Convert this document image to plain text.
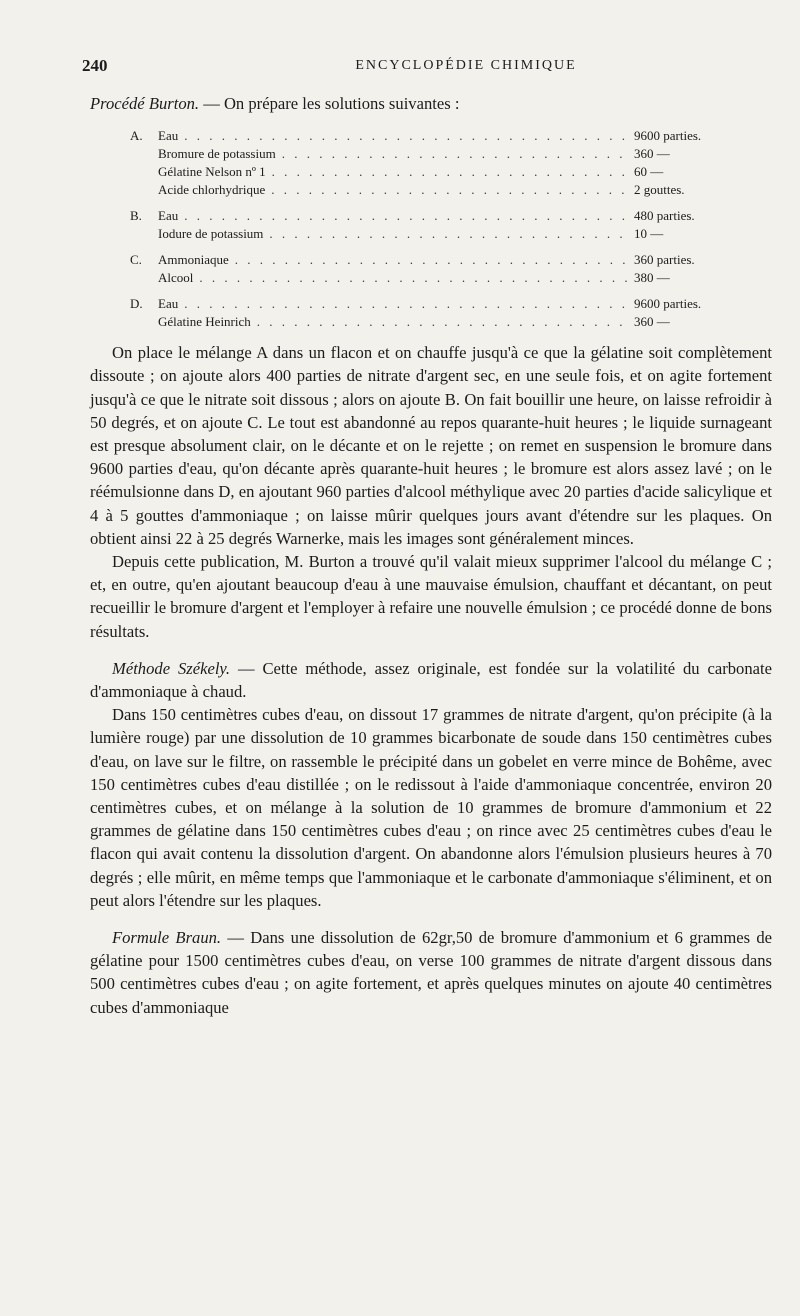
240	ENCYCLOPÉDIE CHIMIQUE

Procédé Burton. — On prépare les solutions suivantes :

A. Eau . . .	9600 parties.
Bromure de potassium . . .	360 —
Gélatine Nelson nº 1 . . .	60 —
Acide chlorhydrique . . .	2 gouttes.
B. Eau . . .	480 parties.
Iodure de potassium . . .	10 —
C. Ammoniaque . . .	360 parties.
Alcool . . .	380 —
D. Eau . . .	9600 parties.
Gélatine Heinrich . . .	360 —

On place le mélange A dans un flacon et on chauffe jusqu'à ce que la gélatine soit complètement dissoute ; on ajoute alors 400 parties de nitrate d'argent sec, en une seule fois, et on agite fortement jusqu'à ce que le nitrate soit dissous ; alors on ajoute B. On fait bouillir une heure, on laisse refroidir à 50 degrés, et on ajoute C. Le tout est abandonné au repos quarante-huit heures ; le liquide surnageant est presque absolument clair, on le décante et on le rejette ; on remet en suspension le bromure dans 9600 parties d'eau, qu'on décante après quarante-huit heures ; le bromure est alors assez lavé ; on le réémulsionne dans D, en ajoutant 960 parties d'alcool méthylique avec 20 parties d'acide salicylique et 4 à 5 gouttes d'ammoniaque ; on laisse mûrir quelques jours avant d'étendre sur les plaques. On obtient ainsi 22 à 25 degrés Warnerke, mais les images sont généralement minces.

Depuis cette publication, M. Burton a trouvé qu'il valait mieux supprimer l'alcool du mélange C ; et, en outre, qu'en ajoutant beaucoup d'eau à une mauvaise émulsion, chauffant et décantant, on peut recueillir le bromure d'argent et l'employer à refaire une nouvelle émulsion ; ce procédé donne de bons résultats.

Méthode Székely. — Cette méthode, assez originale, est fondée sur la volatilité du carbonate d'ammoniaque à chaud.

Dans 150 centimètres cubes d'eau, on dissout 17 grammes de nitrate d'argent, qu'on précipite (à la lumière rouge) par une dissolution de 10 grammes bicarbonate de soude dans 150 centimètres cubes d'eau, on lave sur le filtre, on rassemble le précipité dans un gobelet en verre mince de Bohême, avec 150 centimètres cubes d'eau distillée ; on le redissout à l'aide d'ammoniaque concentrée, environ 20 centimètres cubes, et on mélange à la solution de 10 grammes de bromure d'ammonium et 22 grammes de gélatine dans 150 centimètres cubes d'eau ; on rince avec 25 centimètres cubes d'eau le flacon qui avait contenu la dissolution d'argent. On abandonne alors l'émulsion plusieurs heures à 70 degrés ; elle mûrit, en même temps que l'ammoniaque et le carbonate d'ammoniaque s'éliminent, et on peut alors l'étendre sur les plaques.

Formule Braun. — Dans une dissolution de 62gr,50 de bromure d'ammonium et 6 grammes de gélatine pour 1500 centimètres cubes d'eau, on verse 100 grammes de nitrate d'argent dissous dans 500 centimètres cubes d'eau ; on agite fortement, et après quelques minutes on ajoute 40 centimètres cubes d'ammoniaque
